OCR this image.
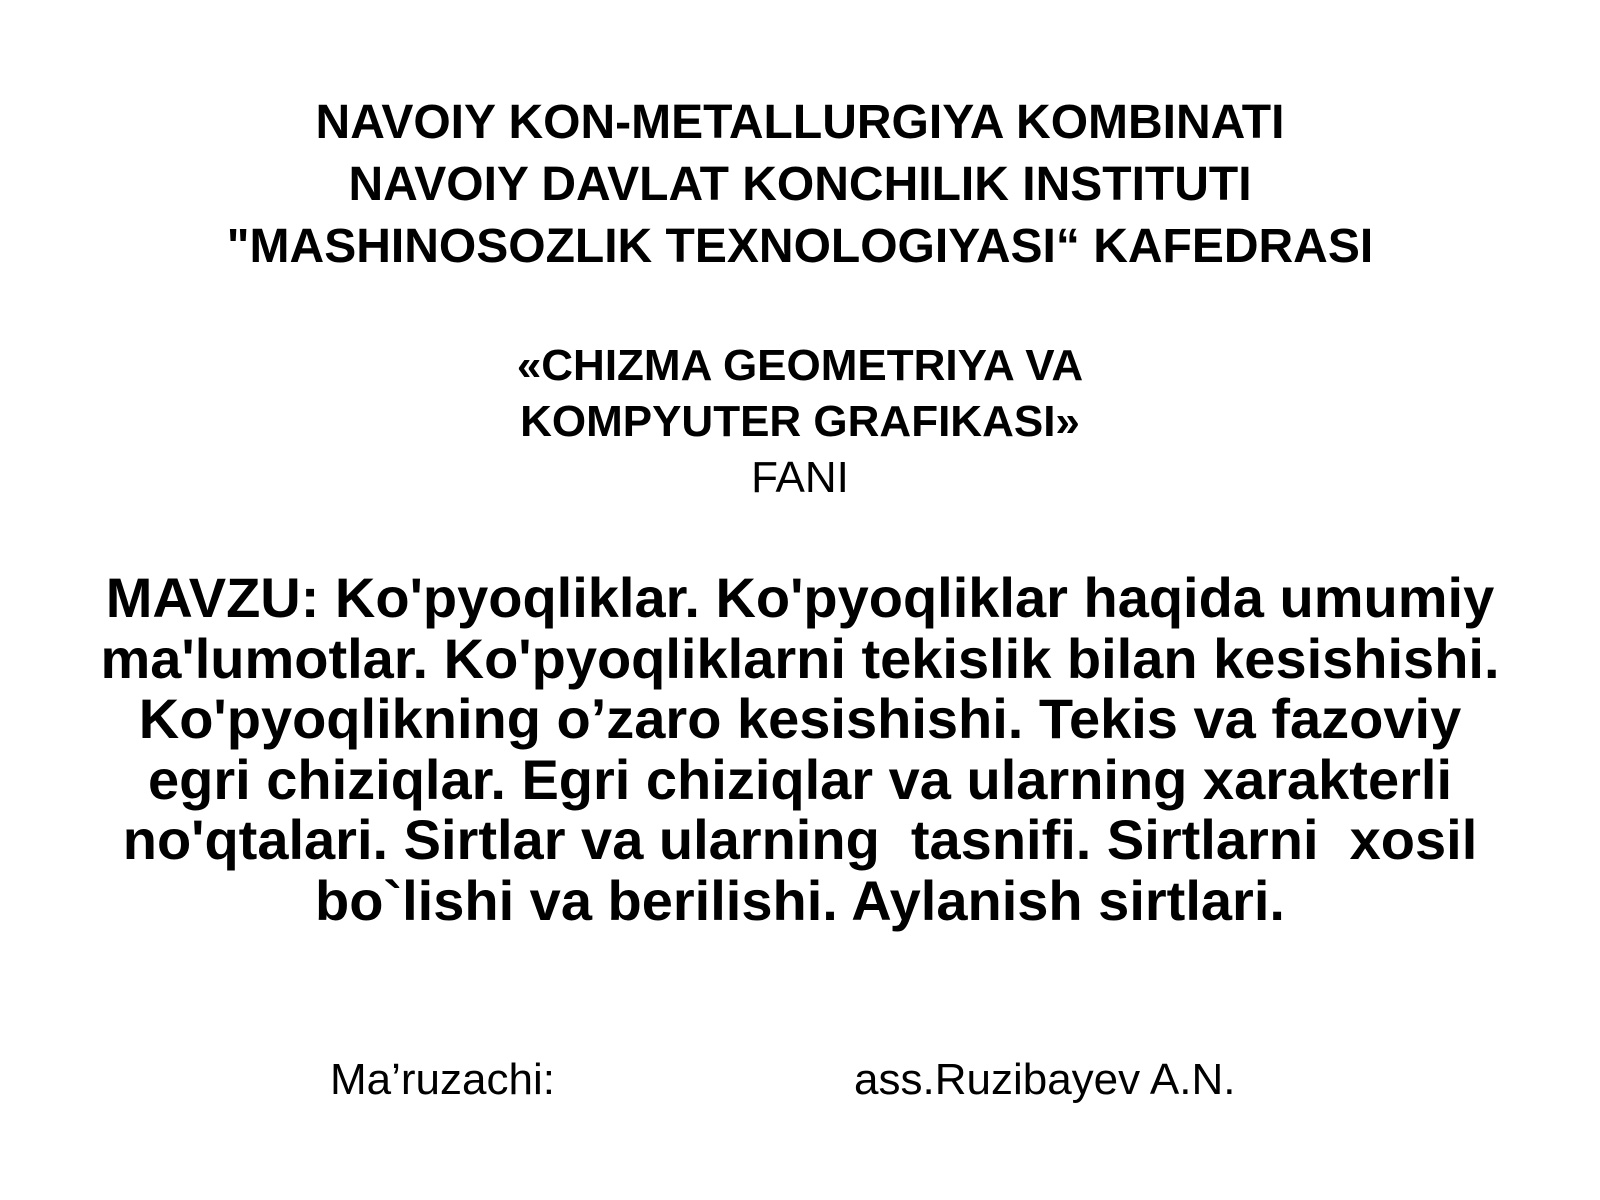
NAVOIY KON-METALLURGIYA KOMBINATI
NAVOIY DAVLAT KONCHILIK INSTITUTI
"MASHINOSOZLIK TEXNOLOGIYASI“ KAFEDRASI
«CHIZMA GEOMETRIYA VA
KOMPYUTER GRAFIKASI»
FANI
MAVZU: Ko'pyoqliklar. Ko'pyoqliklar haqida umumiy ma'lumotlar. Ko'pyoqliklarni tekislik bilan kesishishi. Ko'pyoqlikning o’zaro kesishishi. Tekis va fazoviy egri chiziqlar. Egri chiziqlar va ularning xarakterli no'qtalari. Sirtlar va ularning  tasnifi. Sirtlarni  xosil bo`lishi va berilishi. Aylanish sirtlari.
Ma’ruzachi:	ass.Ruzibayev A.N.
